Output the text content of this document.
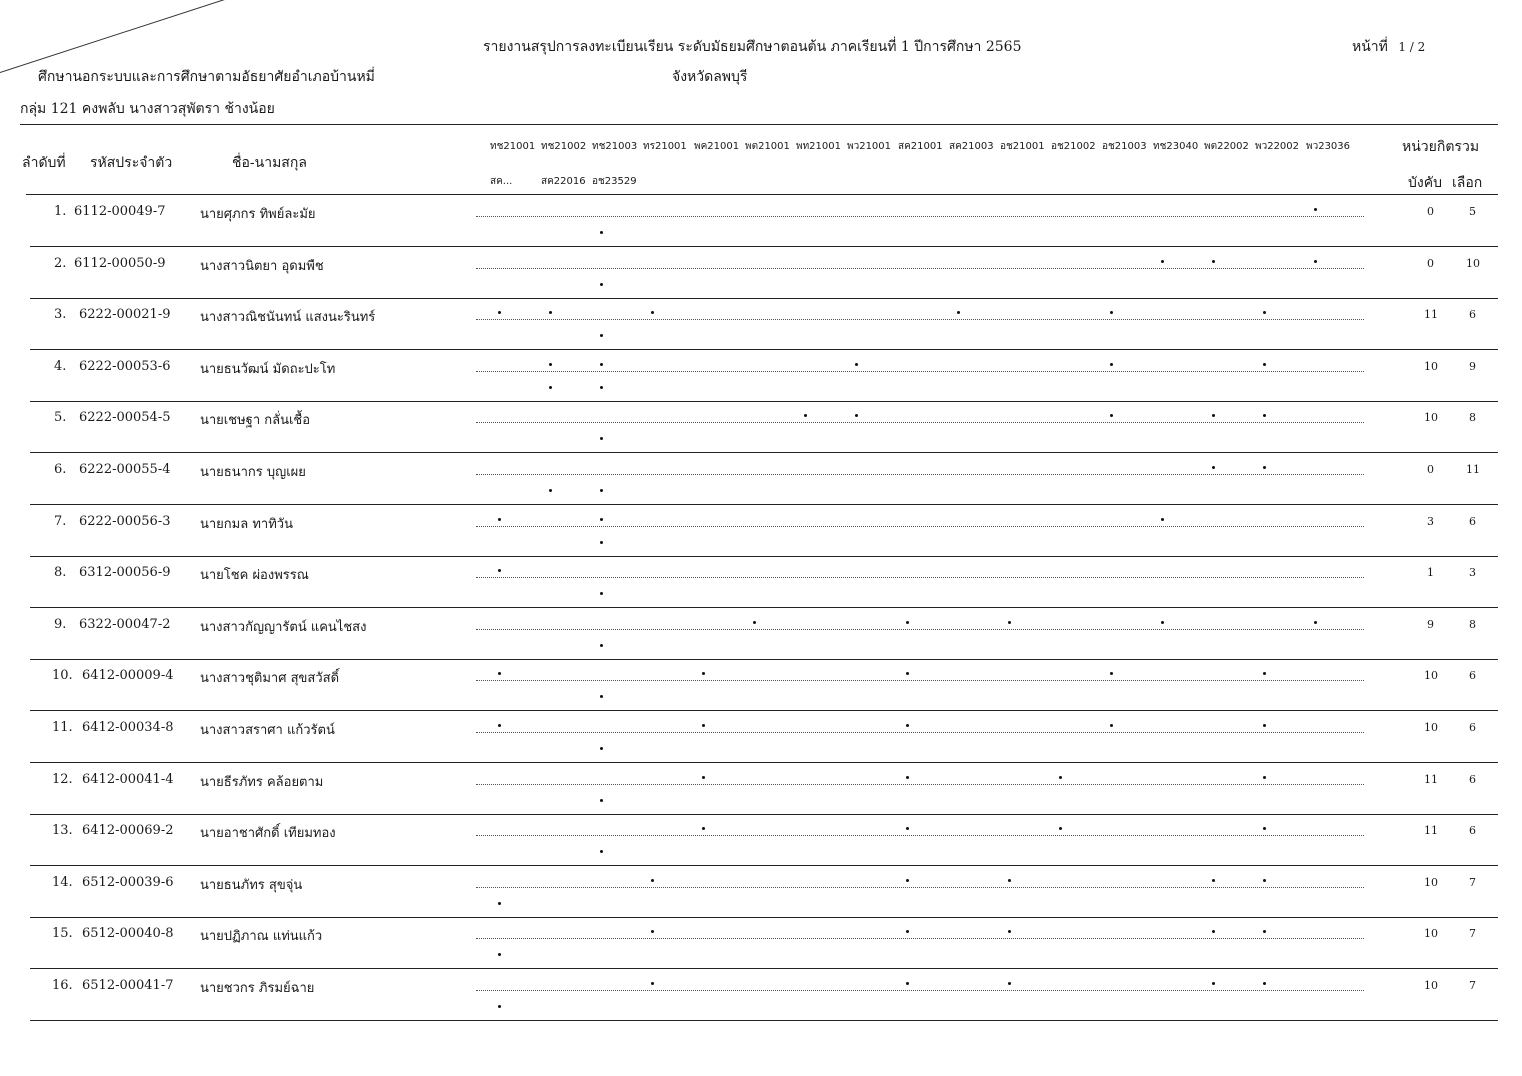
รายงานสรุปการลงทะเบียนเรียน ระดับมัธยมศึกษาตอนต้น ภาคเรียนที่ 1 ปีการศึกษา 2565
จังหวัดลพบุรี
หน้าที่ 1 / 2
ศึกษานอกระบบและการศึกษาตามอัธยาศัยอำเภอบ้านหมี่
กลุ่ม 121 คงพลับ นางสาวสุพัตรา ช้างน้อย
ลำดับที่ รหัสประจำตัว	ชื่อ-นามสกุล
หน่วยกิตรวม
บังคับ เลือก
ทช21001 ทช21002 ทช21003 ทร21001 พค21001 พต21001 พท21001 พว21001 สค21001 สค21003 อช21001 อช21002 อช21003 ทช23040 พต22002 พว22002 พว23036
สค...	สค22016 อช23529
1. 6112-00049-7	นายศุภกร ทิพย์ละมัย	0	5
2. 6112-00050-9	นางสาวนิตยา อุดมพืช	0	10
3. 6222-00021-9 นางสาวณิชนันทน์ แสงนะรินทร์	11	6
4. 6222-00053-6 นายธนวัฒน์ มัดถะปะโท	10	9
5. 6222-00054-5 นายเชษฐา กลั่นเชื้อ	10	8
6. 6222-00055-4 นายธนากร บุญเผย	0	11
7. 6222-00056-3 นายกมล ทาทิวัน	3	6
8. 6312-00056-9 นายโชค ผ่องพรรณ	1	3
9. 6322-00047-2 นางสาวกัญญารัตน์ แคนไชสง	9	8
10. 6412-00009-4 นางสาวชุติมาศ สุขสวัสดิ์	10	6
11. 6412-00034-8 นางสาวสราศา แก้วรัตน์	10	6
12. 6412-00041-4 นายธีรภัทร คล้อยตาม	11	6
13. 6412-00069-2 นายอาชาศักดิ์ เทียมทอง	11	6
14. 6512-00039-6 นายธนภัทร สุขจุ่น	10	7
15. 6512-00040-8 นายปฏิภาณ แท่นแก้ว	10	7
16. 6512-00041-7 นายชวกร ภิรมย์ฉาย	10	7
